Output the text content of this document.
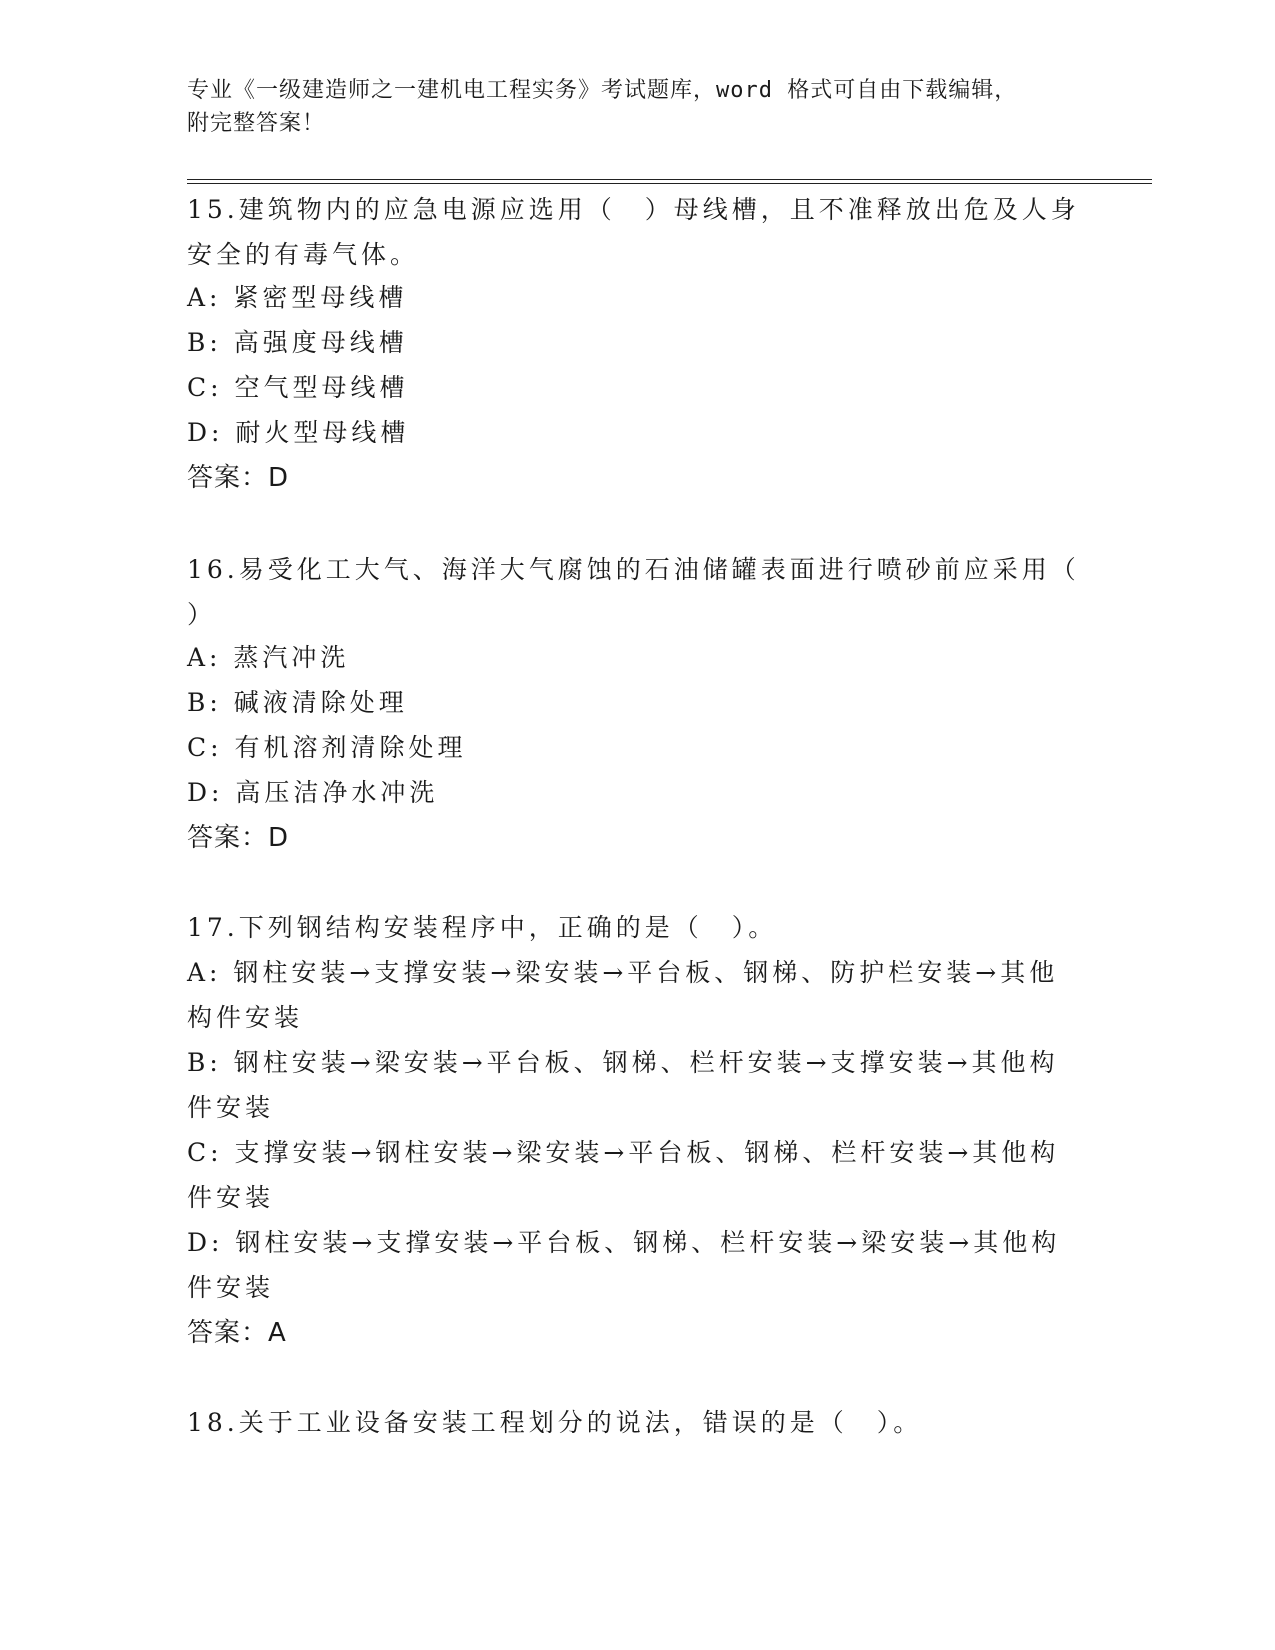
专业《一级建造师之一建机电工程实务》考试题库，word 格式可自由下载编辑，
附完整答案！
15.建筑物内的应急电源应选用（　）母线槽，且不准释放出危及人身
安全的有毒气体。
A: 紧密型母线槽
B: 高强度母线槽
C: 空气型母线槽
D: 耐火型母线槽
答案：D
16.易受化工大气、海洋大气腐蚀的石油储罐表面进行喷砂前应采用（
）
A: 蒸汽冲洗
B: 碱液清除处理
C: 有机溶剂清除处理
D: 高压洁净水冲洗
答案：D
17.下列钢结构安装程序中，正确的是（　）。
A: 钢柱安装→支撑安装→梁安装→平台板、钢梯、防护栏安装→其他
构件安装
B: 钢柱安装→梁安装→平台板、钢梯、栏杆安装→支撑安装→其他构
件安装
C: 支撑安装→钢柱安装→梁安装→平台板、钢梯、栏杆安装→其他构
件安装
D: 钢柱安装→支撑安装→平台板、钢梯、栏杆安装→梁安装→其他构
件安装
答案：A
18.关于工业设备安装工程划分的说法，错误的是（　）。
